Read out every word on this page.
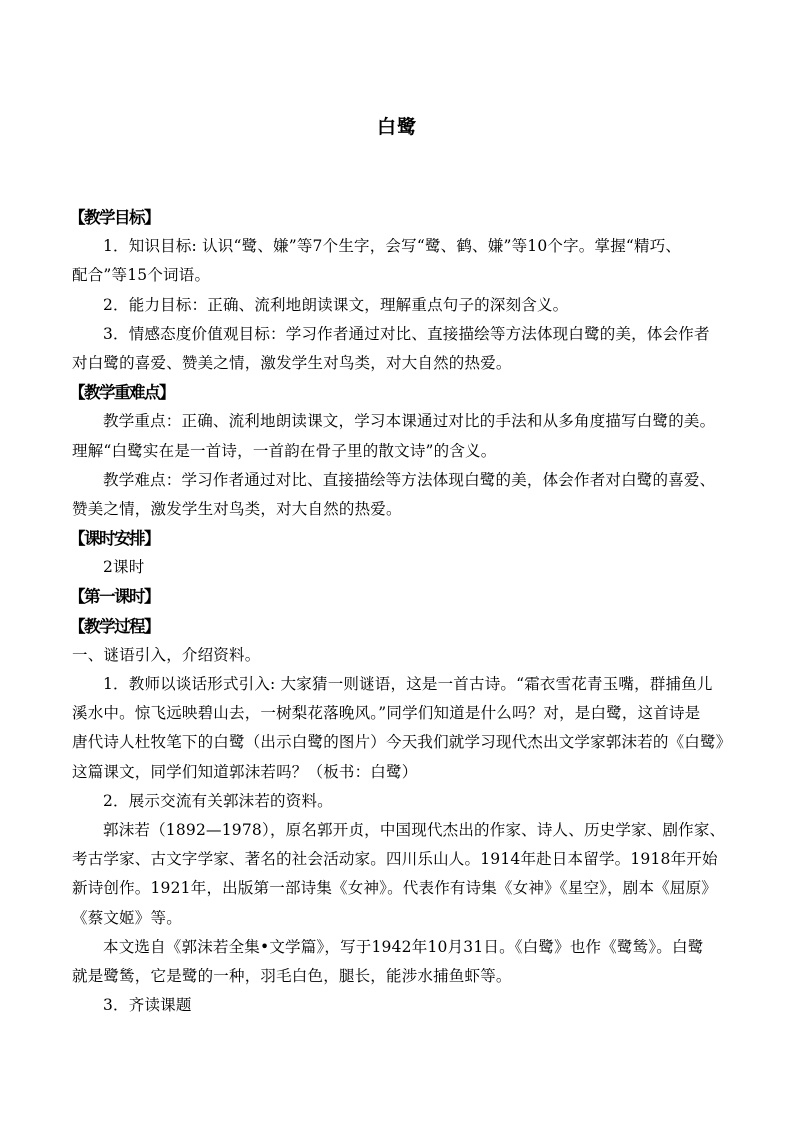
白鹭
【教学目标】
1．知识目标: 认识“鹭、嫌”等7个生字，会写“鹭、鹤、嫌”等10个字。掌握“精巧、
配合”等15个词语。
2．能力目标：正确、流利地朗读课文，理解重点句子的深刻含义。
3．情感态度价值观目标：学习作者通过对比、直接描绘等方法体现白鹭的美，体会作者
对白鹭的喜爱、赞美之情，激发学生对鸟类，对大自然的热爱。
【教学重难点】
教学重点：正确、流利地朗读课文，学习本课通过对比的手法和从多角度描写白鹭的美。
理解“白鹭实在是一首诗，一首韵在骨子里的散文诗”的含义。
教学难点：学习作者通过对比、直接描绘等方法体现白鹭的美，体会作者对白鹭的喜爱、
赞美之情，激发学生对鸟类，对大自然的热爱。
【课时安排】
2课时
【第一课时】
【教学过程】
一、谜语引入，介绍资料。
1．教师以谈话形式引入: 大家猜一则谜语，这是一首古诗。“霜衣雪花青玉嘴，群捕鱼儿
溪水中。惊飞远映碧山去，一树梨花落晚风。”同学们知道是什么吗？对，是白鹭，这首诗是
唐代诗人杜牧笔下的白鹭（出示白鹭的图片）今天我们就学习现代杰出文学家郭沫若的《白鹭》
这篇课文，同学们知道郭沫若吗？（板书：白鹭）
2．展示交流有关郭沫若的资料。
郭沫若（1892—1978），原名郭开贞，中国现代杰出的作家、诗人、历史学家、剧作家、
考古学家、古文字学家、著名的社会活动家。四川乐山人。1914年赴日本留学。1918年开始
新诗创作。1921年，出版第一部诗集《女神》。代表作有诗集《女神》《星空》，剧本《屈原》
《蔡文姬》等。
本文选自《郭沫若全集•文学篇》，写于1942年10月31日。《白鹭》也作《鹭鸶》。白鹭
就是鹭鸶，它是鹭的一种，羽毛白色，腿长，能涉水捕鱼虾等。
3．齐读课题
